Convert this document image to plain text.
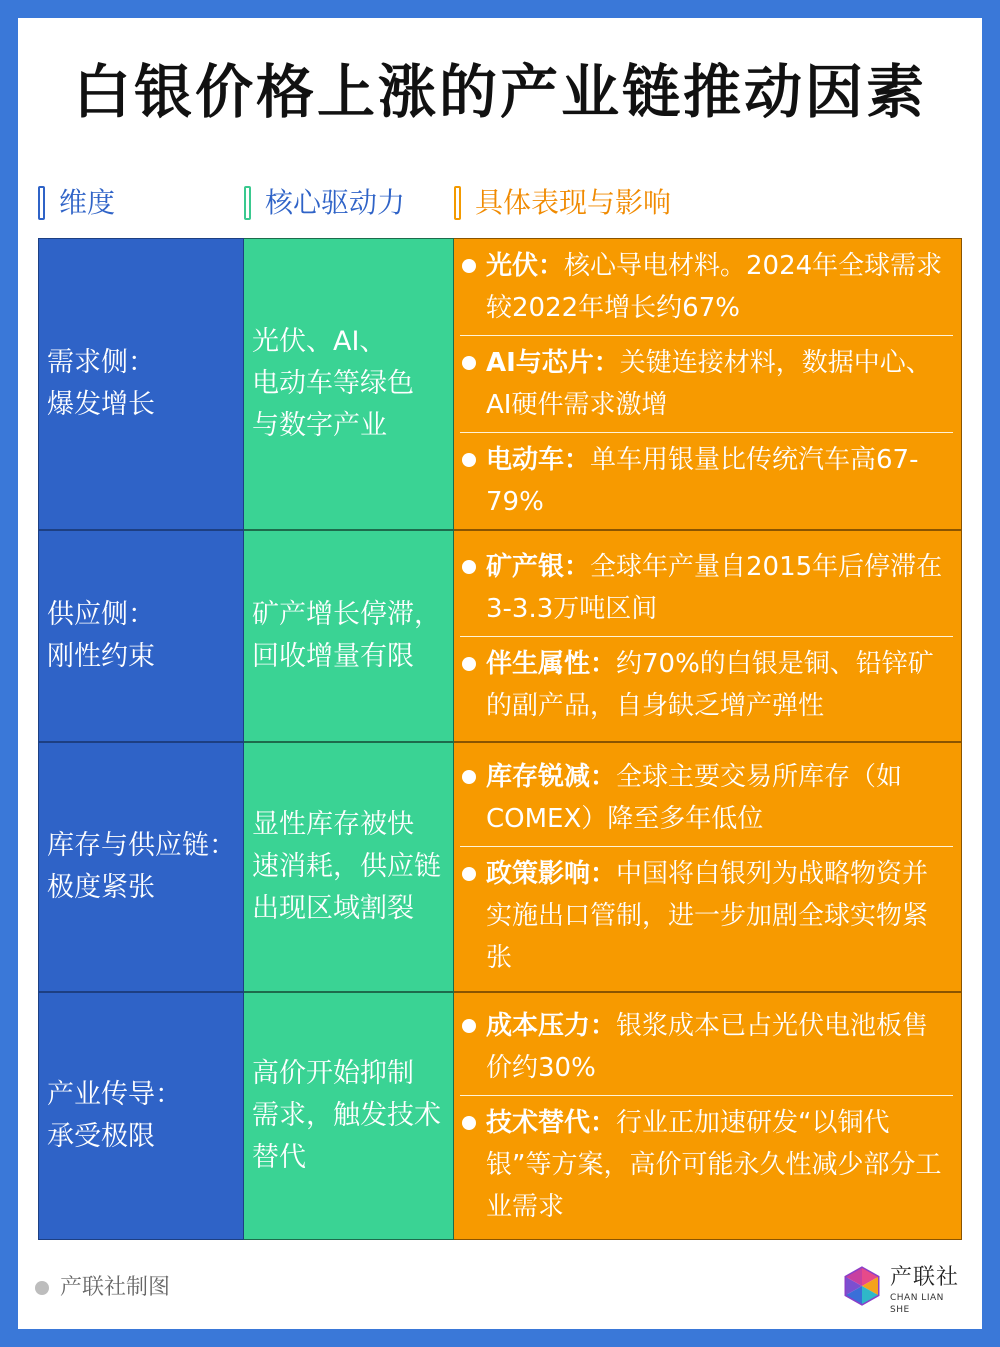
白银价格上涨的产业链推动因素
维度	核心驱动力 具体表现与影响
需求侧：
爆发增长
光伏、AI、
电动车等绿色
与数字产业
光伏：核心导电材料。2024年全球需求较2022年增长约67%
AI与芯片：关键连接材料，数据中心、AI硬件需求激增
电动车：单车用银量比传统汽车高67-79%
供应侧：
刚性约束
矿产增长停滞，
回收增量有限
矿产银：全球年产量自2015年后停滞在3-3.3万吨区间
伴生属性：约70%的白银是铜、铅锌矿的副产品，自身缺乏增产弹性
库存与供应链：
极度紧张
显性库存被快
速消耗，供应链
出现区域割裂
库存锐减：全球主要交易所库存（如COMEX）降至多年低位
政策影响：中国将白银列为战略物资并实施出口管制，进一步加剧全球实物紧张
产业传导：
承受极限
高价开始抑制
需求，触发技术
替代
成本压力：银浆成本已占光伏电池板售价约30%
技术替代：行业正加速研发“以铜代银”等方案，高价可能永久性减少部分工业需求
产联社制图	产联社
CHAN LIAN SHE
